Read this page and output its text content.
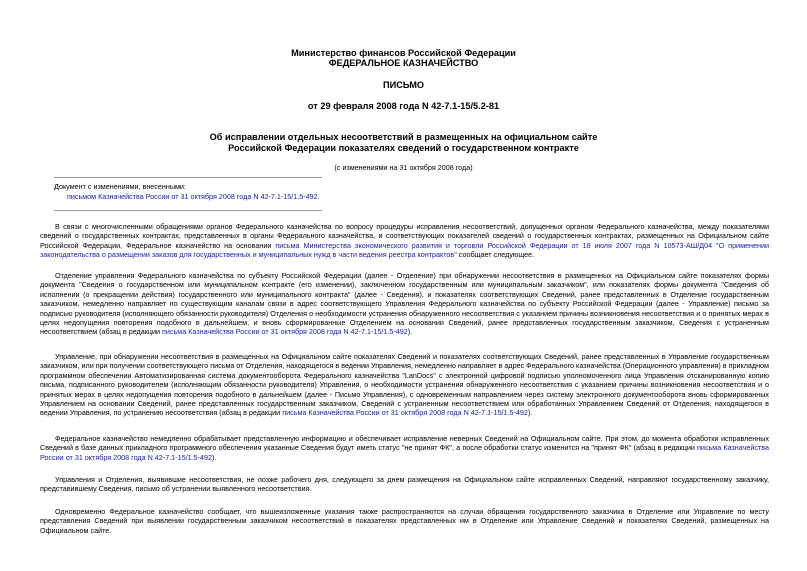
Министерство финансов Российской Федерации
ФЕДЕРАЛЬНОЕ КАЗНАЧЕЙСТВО
ПИСЬМО
от 29 февраля 2008 года N 42-7.1-15/5.2-81
Об исправлении отдельных несоответствий в размещенных на официальном сайте
Российской Федерации показателях сведений о государственном контракте
(с изменениями на 31 октября 2008 года)
Документ с изменениями, внесенными:
письмом Казначейства России от 31 октября 2008 года N 42-7.1-15/1.5-492.

В связи с многочисленными обращениями органов Федерального казначейства по вопросу процедуры исправления несоответствий, допущенных органом Федерального казначейства, между показателями сведений о государственных контрактах, представленных в органы Федерального казначейства, и соответствующих показателей сведений о государственных контрактах, размещенных на Официальном сайте Российской Федерации, Федеральное казначейство на основании письма Министерства экономического развития и торговли Российской Федерации от 18 июля 2007 года N 10573-АШ/Д04 "О применении законодательства о размещении заказов для государственных и муниципальных нужд в части ведения реестра контрактов" сообщает следующее.

Отделение управления Федерального казначейства по субъекту Российской Федерации (далее - Отделение) при обнаружении несоответствия в размещенных на Официальном сайте показателях формы документа "Сведения о государственном или муниципальном контракте (его изменении), заключенном государственным или муниципальным заказчиком", или показателях формы документа "Сведения об исполнении (о прекращении действия) государственного или муниципального контракта" (далее - Сведения), и показателях соответствующих Сведений, ранее представленных в Отделение государственным заказчиком, немедленно направляет по существующим каналам связи в адрес соответствующего Управления Федерального казначейства по субъекту Российской Федерации (далее - Управление) письмо за подписью руководителя (исполняющего обязанности руководителя) Отделения о необходимости устранения обнаруженного несоответствия с указанием причины возникновения несоответствия и о принятых мерах в целях недопущения повторения подобного в дальнейшем, и вновь сформированные Отделением на основании Сведений, ранее представленных государственным заказчиком, Сведения с устраненным несоответствием (абзац в редакции письма Казначейства России от 31 октября 2008 года N 42-7.1-15/1.5-492).

Управление, при обнаружении несоответствия в размещенных на Официальном сайте показателях Сведений и показателях соответствующих Сведений, ранее представленных в Управление государственным заказчиком, или при получении соответствующего письма от Отделения, находящегося в ведении Управления, немедленно направляет в адрес Федерального казначейства (Операционного управления) в прикладном программном обеспечении Автоматизированная система документооборота Федерального казначейства "LanDocs" с электронной цифровой подписью уполномоченного лица Управления отсканированную копию письма, подписанного руководителем (исполняющим обязанности руководителя) Управления, о необходимости устранения обнаруженного несоответствия с указанием причины возникновения несоответствия и о принятых мерах в целях недопущения повторения подобного в дальнейшем (далее - Письмо Управления), с одновременным направлением через систему электронного документооборота вновь сформированных Управлением на основании Сведений, ранее представленных государственным заказчиком, Сведений с устраненным несоответствием или обработанных Управлением Сведений от Отделения, находящегося в ведении Управления, по устранению несоответствия (абзац в редакции письма Казначейства России от 31 октября 2008 года N 42-7.1-15/1.5-492).

Федеральное казначейство немедленно обрабатывает представленную информацию и обеспечивает исправление неверных Сведений на Официальном сайте. При этом, до момента обработки исправленных Сведений в базе данных прикладного программного обеспечения указанные Сведения будут иметь статус "не принят ФК", а после обработки статус изменится на "принят ФК" (абзац в редакции письма Казначейства России от 31 октября 2008 года N 42-7.1-15/1.5-492).

Управления и Отделения, выявившие несоответствия, не позже рабочего дня, следующего за днем размещения на Официальном сайте исправленных Сведений, направляют государственному заказчику, представившему Сведения, письмо об устранении выявленного несоответствия.

Одновременно Федеральное казначейство сообщает, что вышеизложенные указания также распространяются на случаи обращения государственного заказчика в Отделение или Управление по месту представления Сведений при выявлении государственным заказчиком несоответствий в показателях представленных им в Отделение или Управление Сведений и показателях Сведений, размещенных на Официальном сайте.
